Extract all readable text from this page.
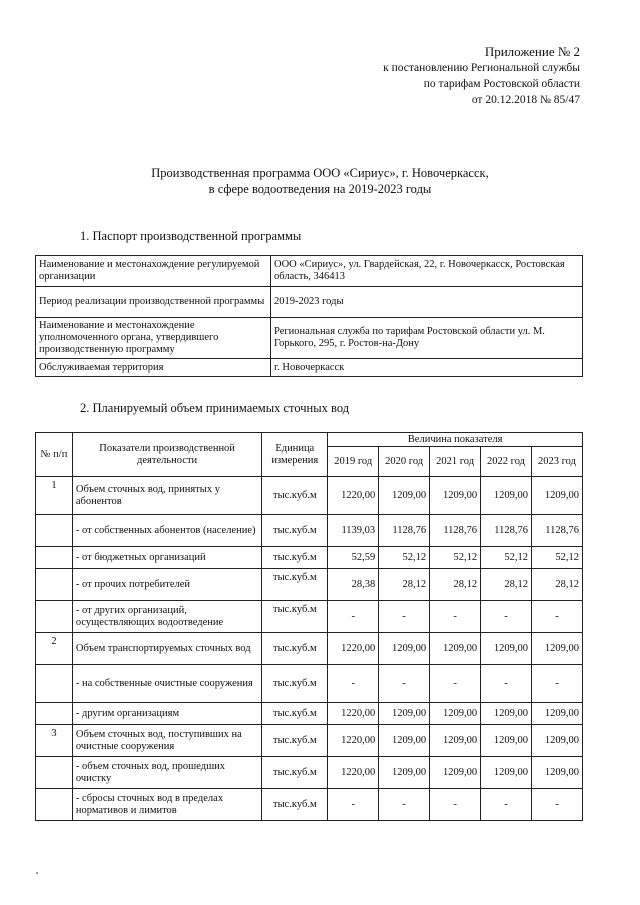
Приложение № 2
к постановлению Региональной службы
по тарифам Ростовской области
от 20.12.2018 № 85/47
Производственная программа ООО «Сириус», г. Новочеркасск,
в сфере водоотведения на 2019-2023 годы
1. Паспорт производственной программы
Наименование и местонахождение регулируемой организации	ООО «Сириус», ул. Гвардейская, 22, г. Новочеркасск, Ростовская область, 346413
Период реализации производственной программы	2019-2023 годы
Наименование и местонахождение уполномоченного органа, утвердившего производственную программу	Региональная служба по тарифам Ростовской области ул. М. Горького, 295, г. Ростов-на-Дону
Обслуживаемая территория	г. Новочеркасск
2. Планируемый объем принимаемых сточных вод
№ п/п	Показатели производственной деятельности	Единица измерения	Величина показателя				
			2019 год	2020 год	2021 год	2022 год	2023 год
1	Объем сточных вод, принятых у абонентов	тыс.куб.м	1220,00	1209,00	1209,00	1209,00	1209,00
	- от собственных абонентов (население)	тыс.куб.м	1139,03	1128,76	1128,76	1128,76	1128,76
	- от бюджетных организаций	тыс.куб.м	52,59	52,12	52,12	52,12	52,12
	- от прочих потребителей	тыс.куб.м	28,38	28,12	28,12	28,12	28,12
	- от других организаций, осуществляющих водоотведение	тыс.куб.м	-	-	-	-	-
2	Объем транспортируемых сточных вод	тыс.куб.м	1220,00	1209,00	1209,00	1209,00	1209,00
	- на собственные очистные сооружения	тыс.куб.м	-	-	-	-	-
	- другим организациям	тыс.куб.м	1220,00	1209,00	1209,00	1209,00	1209,00
3	Объем сточных вод, поступивших на очистные сооружения	тыс.куб.м	1220,00	1209,00	1209,00	1209,00	1209,00
	- объем сточных вод, прошедших очистку	тыс.куб.м	1220,00	1209,00	1209,00	1209,00	1209,00
	- сбросы сточных вод в пределах нормативов и лимитов	тыс.куб.м	-	-	-	-	-
